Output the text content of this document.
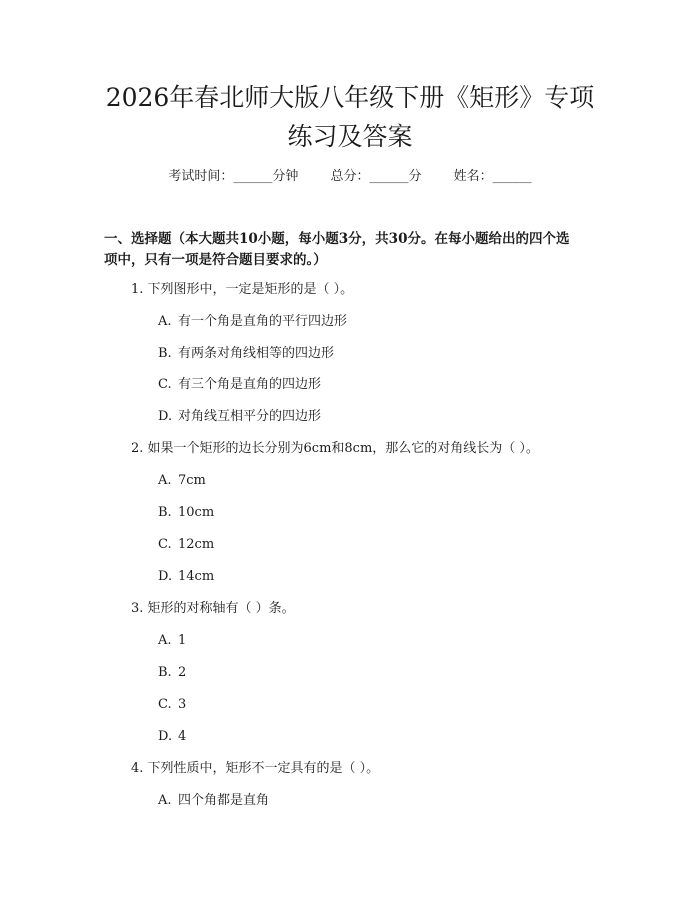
2026年春北师大版八年级下册《矩形》专项
练习及答案
考试时间：______分钟 总分：______分 姓名：______
一、选择题（本大题共10小题，每小题3分，共30分。在每小题给出的四个选
项中，只有一项是符合题目要求的。）
1. 下列图形中，一定是矩形的是（ ）。
A. 有一个角是直角的平行四边形
B. 有两条对角线相等的四边形
C. 有三个角是直角的四边形
D. 对角线互相平分的四边形
2. 如果一个矩形的边长分别为6cm和8cm，那么它的对角线长为（ ）。
A. 7cm
B. 10cm
C. 12cm
D. 14cm
3. 矩形的对称轴有（ ）条。
A. 1
B. 2
C. 3
D. 4
4. 下列性质中，矩形不一定具有的是（ ）。
A. 四个角都是直角
